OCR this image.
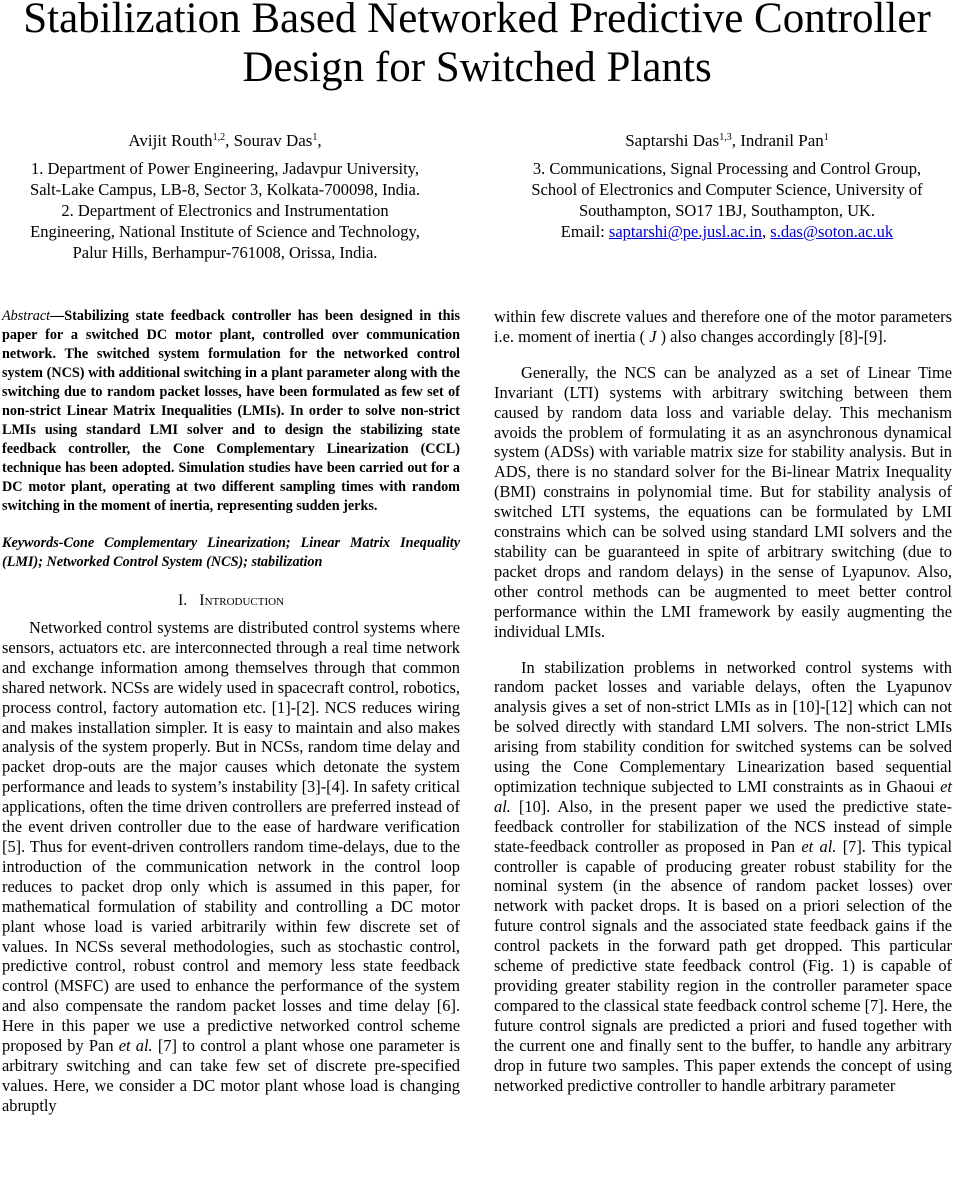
Stabilization Based Networked Predictive Controller
Design for Switched Plants
Avijit Routh$^{1,2}$, Sourav Das$^1$,
1. Department of Power Engineering, Jadavpur University,
Salt-Lake Campus, LB-8, Sector 3, Kolkata-700098, India.
2. Department of Electronics and Instrumentation
Engineering, National Institute of Science and Technology,
Palur Hills, Berhampur-761008, Orissa, India.
Saptarshi Das$^{1,3}$, Indranil Pan$^1$
3. Communications, Signal Processing and Control Group,
School of Electronics and Computer Science, University of
Southampton, SO17 1BJ, Southampton, UK.
Email: saptarshi@pe.jusl.ac.in, s.das@soton.ac.uk
Abstract—Stabilizing state feedback controller has been designed in this paper for a switched DC motor plant, controlled over communication network. The switched system formulation for the networked control system (NCS) with additional switching in a plant parameter along with the switching due to random packet losses, have been formulated as few set of non-strict Linear Matrix Inequalities (LMIs). In order to solve non-strict LMIs using standard LMI solver and to design the stabilizing state feedback controller, the Cone Complementary Linearization (CCL) technique has been adopted. Simulation studies have been carried out for a DC motor plant, operating at two different sampling times with random switching in the moment of inertia, representing sudden jerks.
Keywords-Cone Complementary Linearization; Linear Matrix Inequality (LMI); Networked Control System (NCS); stabilization
I. Introduction

Networked control systems are distributed control systems where sensors, actuators etc. are interconnected through a real time network and exchange information among themselves through that common shared network. NCSs are widely used in spacecraft control, robotics, process control, factory automation etc. [1]-[2]. NCS reduces wiring and makes installation simpler. It is easy to maintain and also makes analysis of the system properly. But in NCSs, random time delay and packet drop-outs are the major causes which detonate the system performance and leads to system’s instability [3]-[4]. In safety critical applications, often the time driven controllers are preferred instead of the event driven controller due to the ease of hardware verification [5]. Thus for event-driven controllers random time-delays, due to the introduction of the communication network in the control loop reduces to packet drop only which is assumed in this paper, for mathematical formulation of stability and controlling a DC motor plant whose load is varied arbitrarily within few discrete set of values. In NCSs several methodologies, such as stochastic control, predictive control, robust control and memory less state feedback control (MSFC) are used to enhance the performance of the system and also compensate the random packet losses and time delay [6]. Here in this paper we use a predictive networked control scheme proposed by Pan et al. [7] to control a plant whose one parameter is arbitrary switching and can take few set of discrete pre-specified values. Here, we consider a DC motor plant whose load is changing abruptly

within few discrete values and therefore one of the motor parameters i.e. moment of inertia ( J ) also changes accordingly [8]-[9].

Generally, the NCS can be analyzed as a set of Linear Time Invariant (LTI) systems with arbitrary switching between them caused by random data loss and variable delay. This mechanism avoids the problem of formulating it as an asynchronous dynamical system (ADSs) with variable matrix size for stability analysis. But in ADS, there is no standard solver for the Bi-linear Matrix Inequality (BMI) constrains in polynomial time. But for stability analysis of switched LTI systems, the equations can be formulated by LMI constrains which can be solved using standard LMI solvers and the stability can be guaranteed in spite of arbitrary switching (due to packet drops and random delays) in the sense of Lyapunov. Also, other control methods can be augmented to meet better control performance within the LMI framework by easily augmenting the individual LMIs.

In stabilization problems in networked control systems with random packet losses and variable delays, often the Lyapunov analysis gives a set of non-strict LMIs as in [10]-[12] which can not be solved directly with standard LMI solvers. The non-strict LMIs arising from stability condition for switched systems can be solved using the Cone Complementary Linearization based sequential optimization technique subjected to LMI constraints as in Ghaoui et al. [10]. Also, in the present paper we used the predictive state-feedback controller for stabilization of the NCS instead of simple state-feedback controller as proposed in Pan et al. [7]. This typical controller is capable of producing greater robust stability for the nominal system (in the absence of random packet losses) over network with packet drops. It is based on a priori selection of the future control signals and the associated state feedback gains if the control packets in the forward path get dropped. This particular scheme of predictive state feedback control (Fig. 1) is capable of providing greater stability region in the controller parameter space compared to the classical state feedback control scheme [7]. Here, the future control signals are predicted a priori and fused together with the current one and finally sent to the buffer, to handle any arbitrary drop in future two samples. This paper extends the concept of using networked predictive controller to handle arbitrary parameter
